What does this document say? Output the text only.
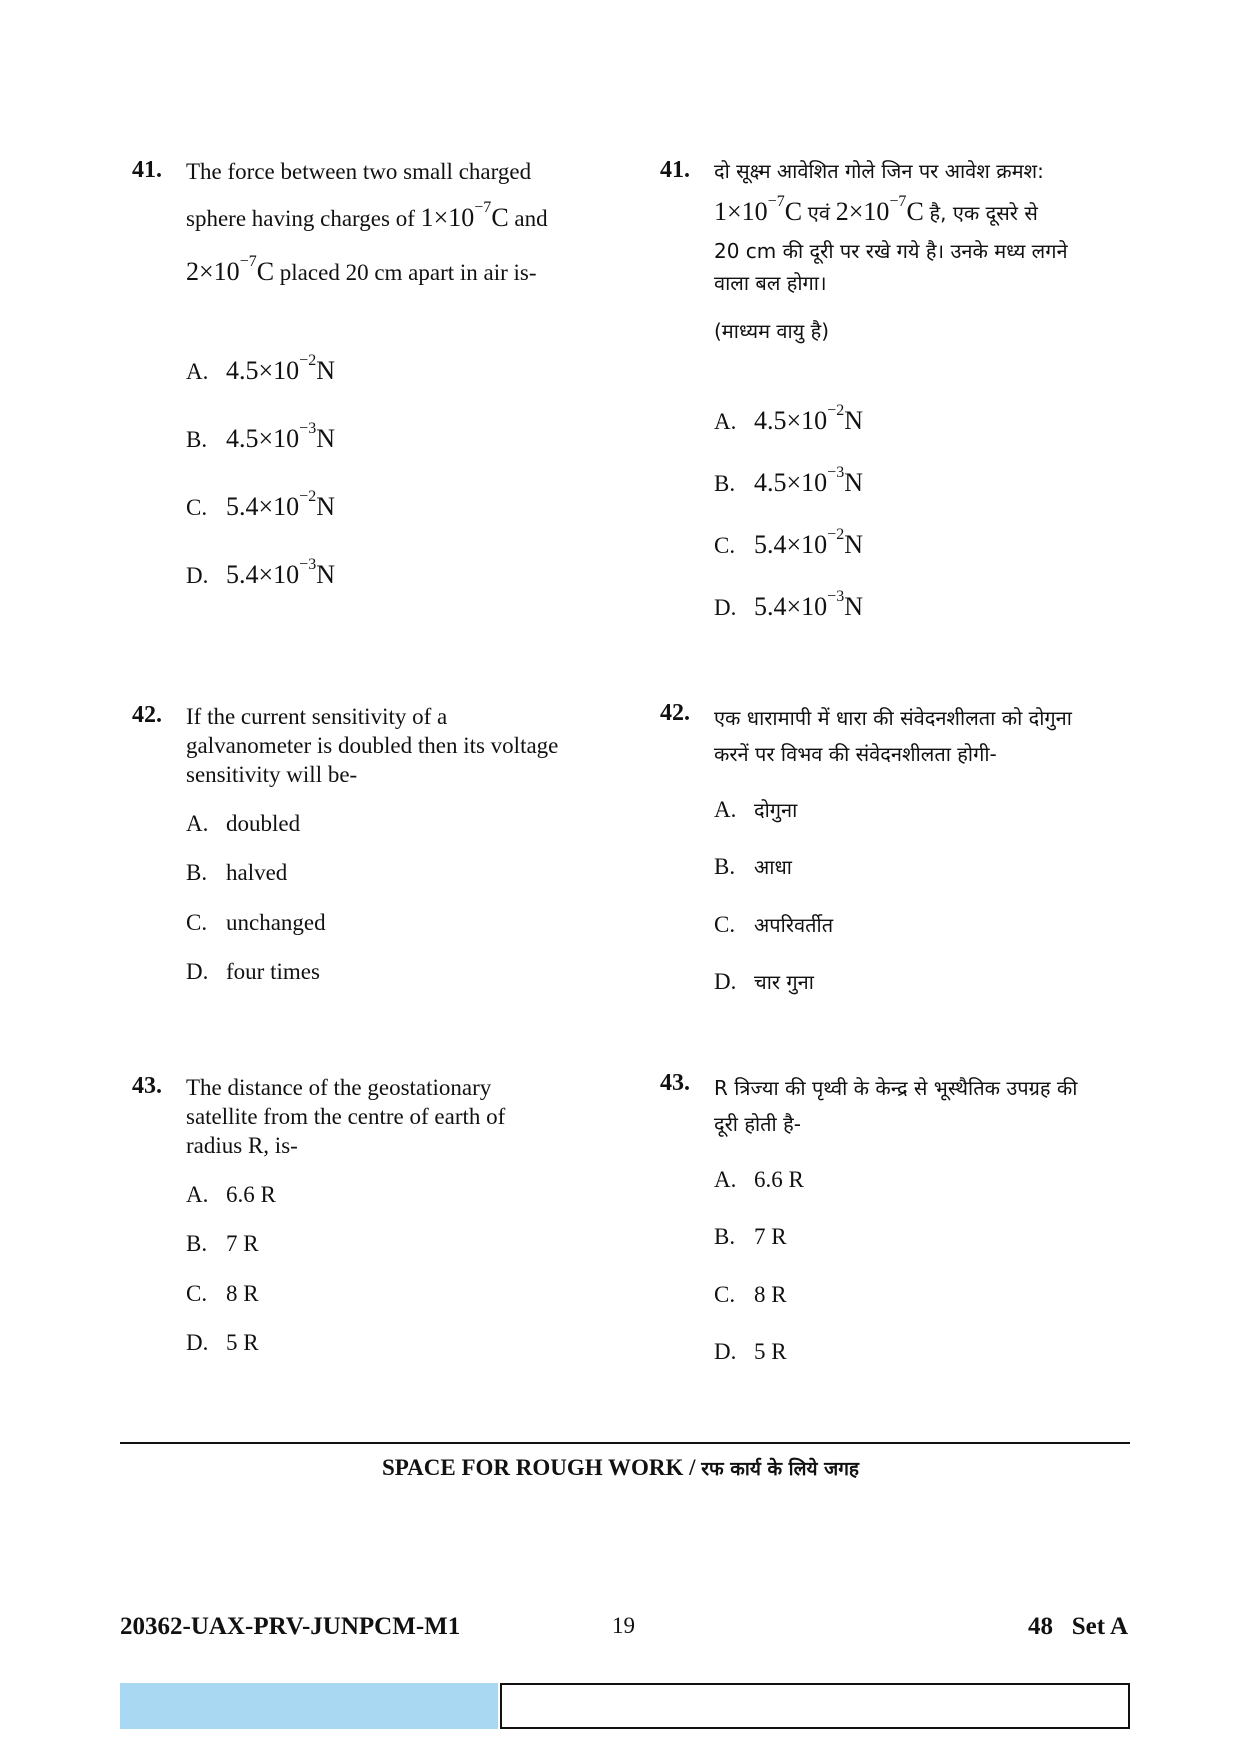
41. The force between two small charged
sphere having charges of $1\times 10^{-7}C$ and
$2\times 10^{-7}C$ placed 20 cm apart in air is-
A. $4.5\times 10^{-2}N$
B. $4.5\times 10^{-3}N$
C. $5.4\times 10^{-2}N$
D. $5.4\times 10^{-3}N$
42. If the current sensitivity of a
galvanometer is doubled then its voltage
sensitivity will be-
A. doubled
B. halved
C. unchanged
D. four times
43. The distance of the geostationary
satellite from the centre of earth of
radius R, is-
A. 6.6 R
B. 7 R
C. 8 R
D. 5 R
41. दो सूक्ष्म आवेशित गोले जिन पर आवेश क्रमश:
$1\times 10^{-7}C$ एवं $2\times 10^{-7}C$ है, एक दूसरे से
20 cm की दूरी पर रखे गये है। उनके मध्य लगने
वाला बल होगा।
(माध्यम वायु है)
A. $4.5\times 10^{-2}N$
B. $4.5\times 10^{-3}N$
C. $5.4\times 10^{-2}N$
D. $5.4\times 10^{-3}N$
42. एक धारामापी में धारा की संवेदनशीलता को दोगुना
करनें पर विभव की संवेदनशीलता होगी-
A. दोगुना
B. आधा
C. अपरिवर्तीत
D. चार गुना
43. R त्रिज्या की पृथ्वी के केन्द्र से भूस्थैतिक उपग्रह की
दूरी होती है-
A. 6.6 R
B. 7 R
C. 8 R
D. 5 R
SPACE FOR ROUGH WORK / रफ कार्य के लिये जगह
20362-UAX-PRV-JUNPCM-M1	19	48   Set A
